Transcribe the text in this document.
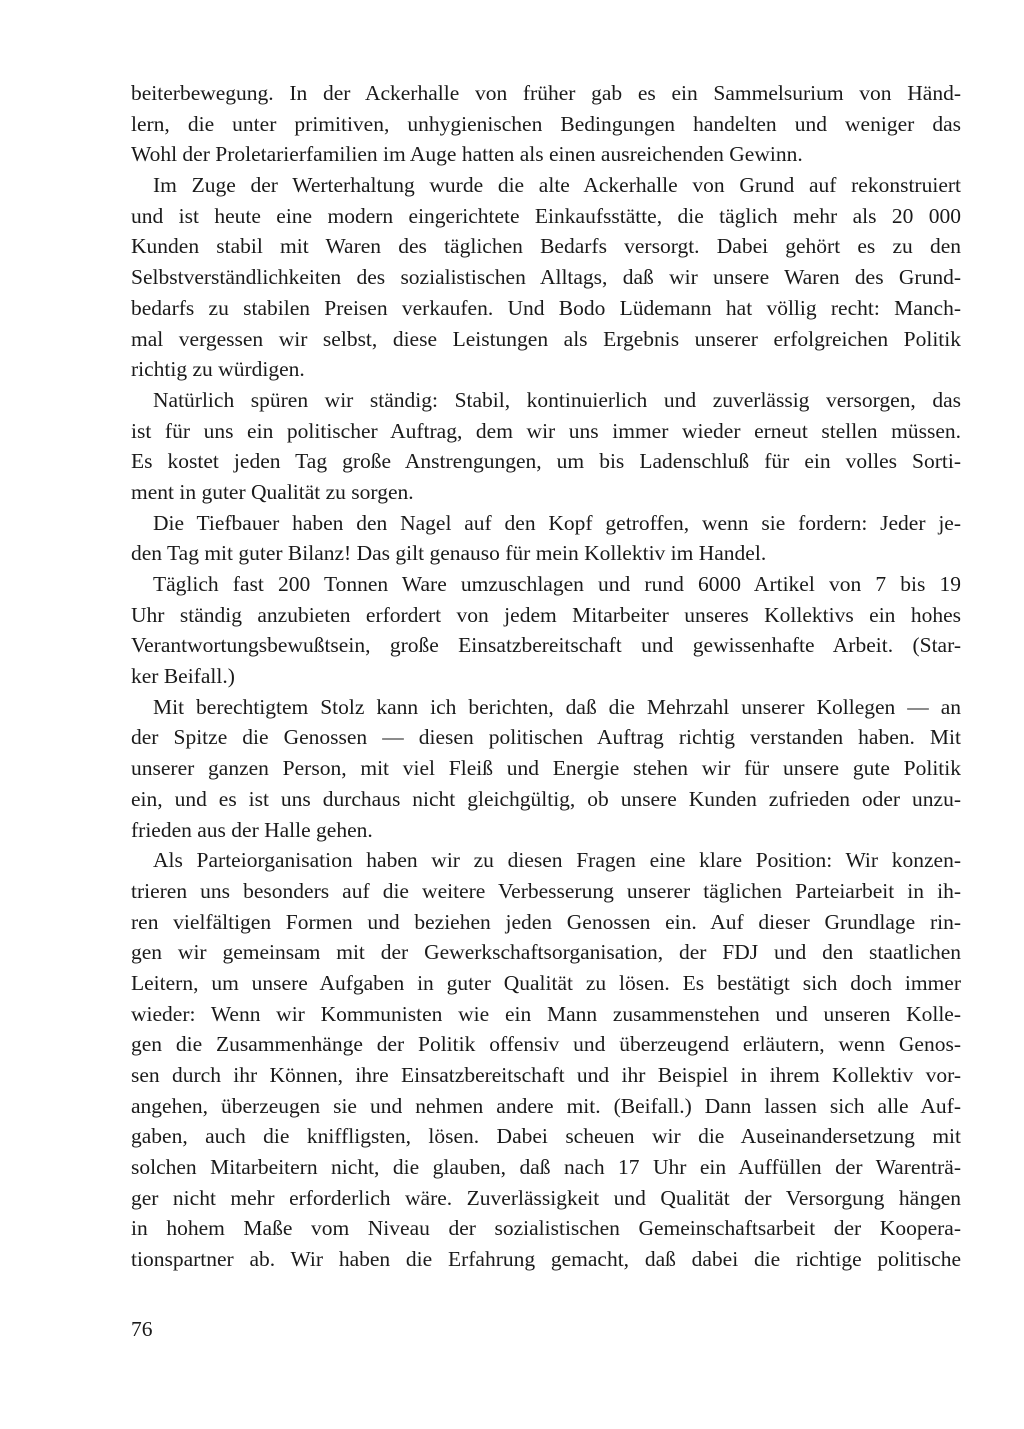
beiterbewegung. In der Ackerhalle von früher gab es ein Sammelsurium von Händ-
lern, die unter primitiven, unhygienischen Bedingungen handelten und weniger das
Wohl der Proletarierfamilien im Auge hatten als einen ausreichenden Gewinn.
Im Zuge der Werterhaltung wurde die alte Ackerhalle von Grund auf rekonstruiert
und ist heute eine modern eingerichtete Einkaufsstätte, die täglich mehr als 20 000
Kunden stabil mit Waren des täglichen Bedarfs versorgt. Dabei gehört es zu den
Selbstverständlichkeiten des sozialistischen Alltags, daß wir unsere Waren des Grund-
bedarfs zu stabilen Preisen verkaufen. Und Bodo Lüdemann hat völlig recht: Manch-
mal vergessen wir selbst, diese Leistungen als Ergebnis unserer erfolgreichen Politik
richtig zu würdigen.
Natürlich spüren wir ständig: Stabil, kontinuierlich und zuverlässig versorgen, das
ist für uns ein politischer Auftrag, dem wir uns immer wieder erneut stellen müssen.
Es kostet jeden Tag große Anstrengungen, um bis Ladenschluß für ein volles Sorti-
ment in guter Qualität zu sorgen.
Die Tiefbauer haben den Nagel auf den Kopf getroffen, wenn sie fordern: Jeder je-
den Tag mit guter Bilanz! Das gilt genauso für mein Kollektiv im Handel.
Täglich fast 200 Tonnen Ware umzuschlagen und rund 6000 Artikel von 7 bis 19
Uhr ständig anzubieten erfordert von jedem Mitarbeiter unseres Kollektivs ein hohes
Verantwortungsbewußtsein, große Einsatzbereitschaft und gewissenhafte Arbeit. (Star-
ker Beifall.)
Mit berechtigtem Stolz kann ich berichten, daß die Mehrzahl unserer Kollegen — an
der Spitze die Genossen — diesen politischen Auftrag richtig verstanden haben. Mit
unserer ganzen Person, mit viel Fleiß und Energie stehen wir für unsere gute Politik
ein, und es ist uns durchaus nicht gleichgültig, ob unsere Kunden zufrieden oder unzu-
frieden aus der Halle gehen.
Als Parteiorganisation haben wir zu diesen Fragen eine klare Position: Wir konzen-
trieren uns besonders auf die weitere Verbesserung unserer täglichen Parteiarbeit in ih-
ren vielfältigen Formen und beziehen jeden Genossen ein. Auf dieser Grundlage rin-
gen wir gemeinsam mit der Gewerkschaftsorganisation, der FDJ und den staatlichen
Leitern, um unsere Aufgaben in guter Qualität zu lösen. Es bestätigt sich doch immer
wieder: Wenn wir Kommunisten wie ein Mann zusammenstehen und unseren Kolle-
gen die Zusammenhänge der Politik offensiv und überzeugend erläutern, wenn Genos-
sen durch ihr Können, ihre Einsatzbereitschaft und ihr Beispiel in ihrem Kollektiv vor-
angehen, überzeugen sie und nehmen andere mit. (Beifall.) Dann lassen sich alle Auf-
gaben, auch die kniffligsten, lösen. Dabei scheuen wir die Auseinandersetzung mit
solchen Mitarbeitern nicht, die glauben, daß nach 17 Uhr ein Auffüllen der Warenträ-
ger nicht mehr erforderlich wäre. Zuverlässigkeit und Qualität der Versorgung hängen
in hohem Maße vom Niveau der sozialistischen Gemeinschaftsarbeit der Koopera-
tionspartner ab. Wir haben die Erfahrung gemacht, daß dabei die richtige politische
76
